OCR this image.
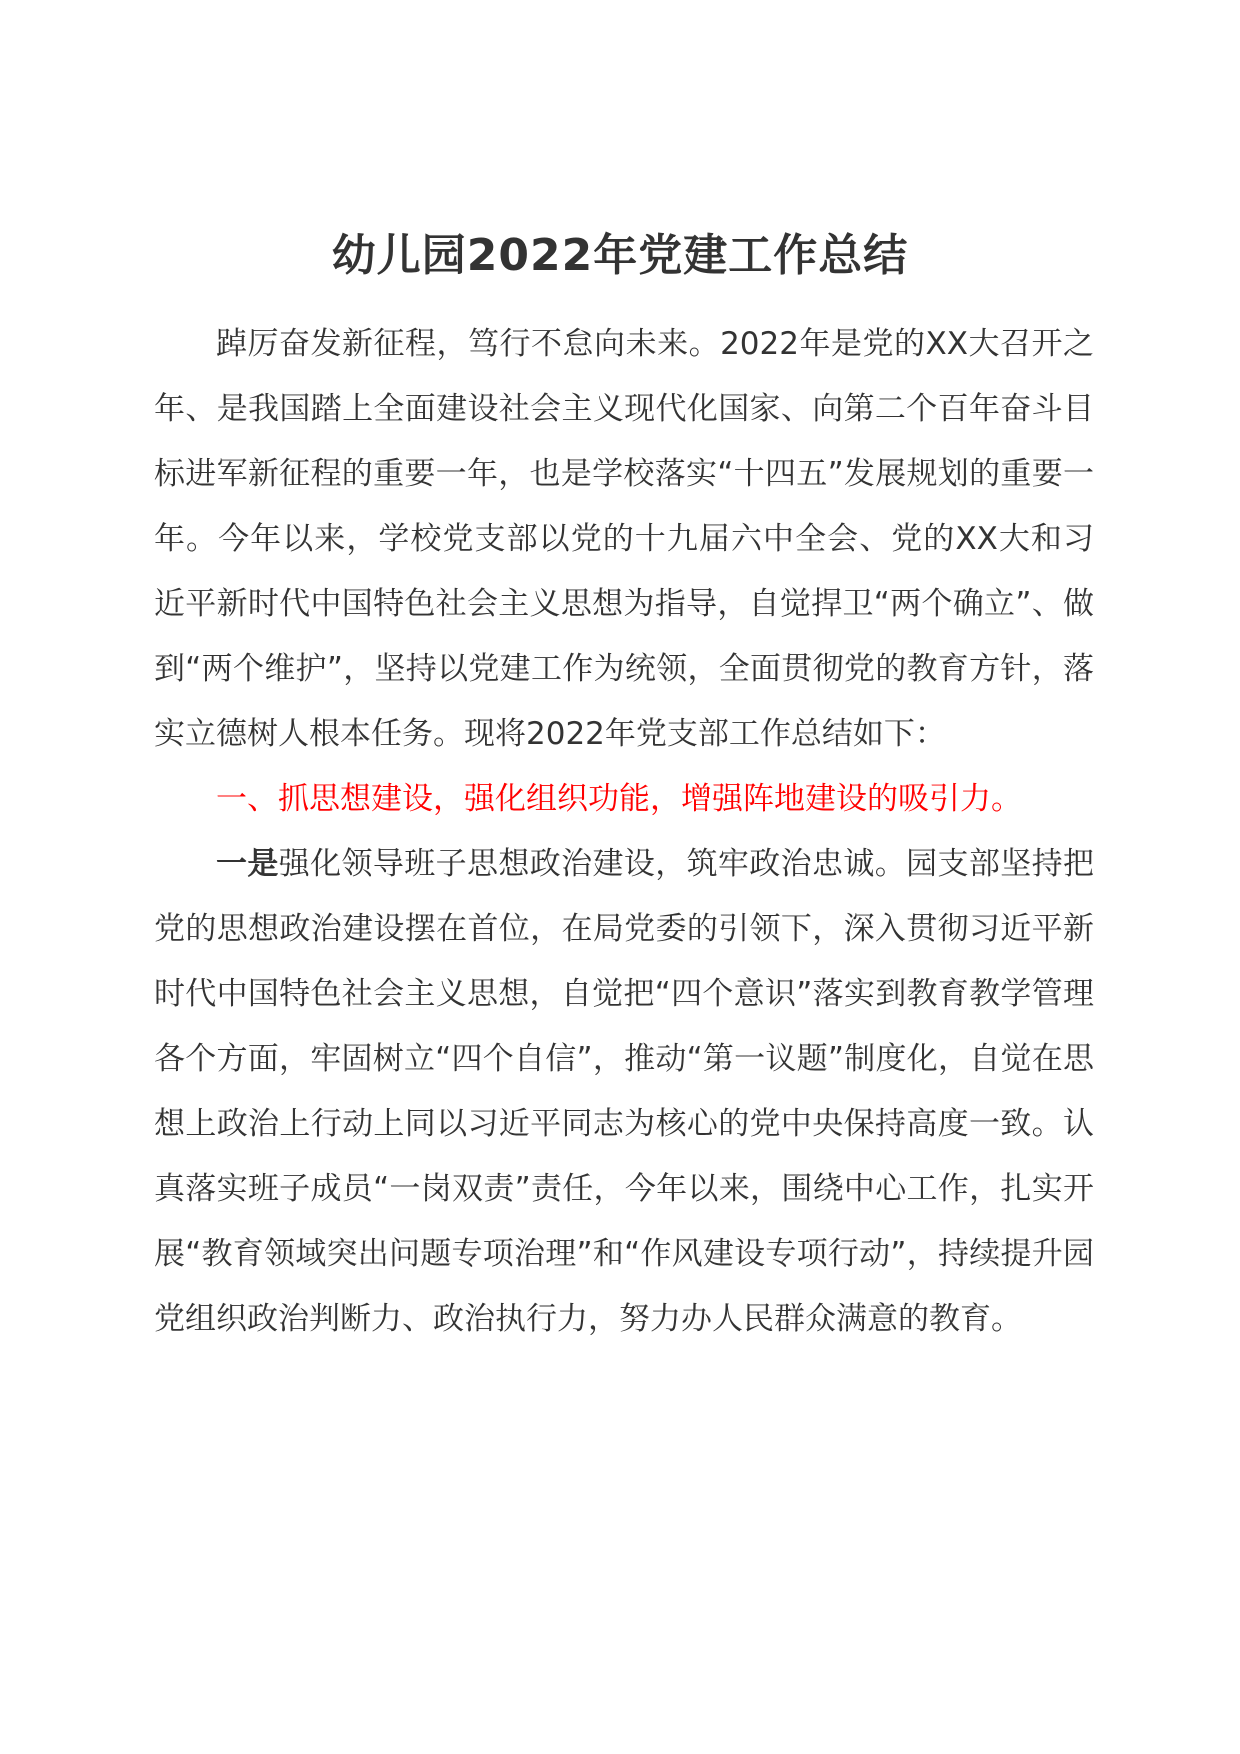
幼儿园2022年党建工作总结

踔厉奋发新征程，笃行不怠向未来。2022年是党的XX大召开之年、是我国踏上全面建设社会主义现代化国家、向第二个百年奋斗目标进军新征程的重要一年，也是学校落实“十四五”发展规划的重要一年。今年以来，学校党支部以党的十九届六中全会、党的XX大和习近平新时代中国特色社会主义思想为指导，自觉捍卫“两个确立”、做到“两个维护”，坚持以党建工作为统领，全面贯彻党的教育方针，落实立德树人根本任务。现将2022年党支部工作总结如下：

一、抓思想建设，强化组织功能，增强阵地建设的吸引力。

一是强化领导班子思想政治建设，筑牢政治忠诚。园支部坚持把党的思想政治建设摆在首位，在局党委的引领下，深入贯彻习近平新时代中国特色社会主义思想，自觉把“四个意识”落实到教育教学管理各个方面，牢固树立“四个自信”，推动“第一议题”制度化，自觉在思想上政治上行动上同以习近平同志为核心的党中央保持高度一致。认真落实班子成员“一岗双责”责任，今年以来，围绕中心工作，扎实开展“教育领域突出问题专项治理”和“作风建设专项行动”，持续提升园党组织政治判断力、政治执行力，努力办人民群众满意的教育。
